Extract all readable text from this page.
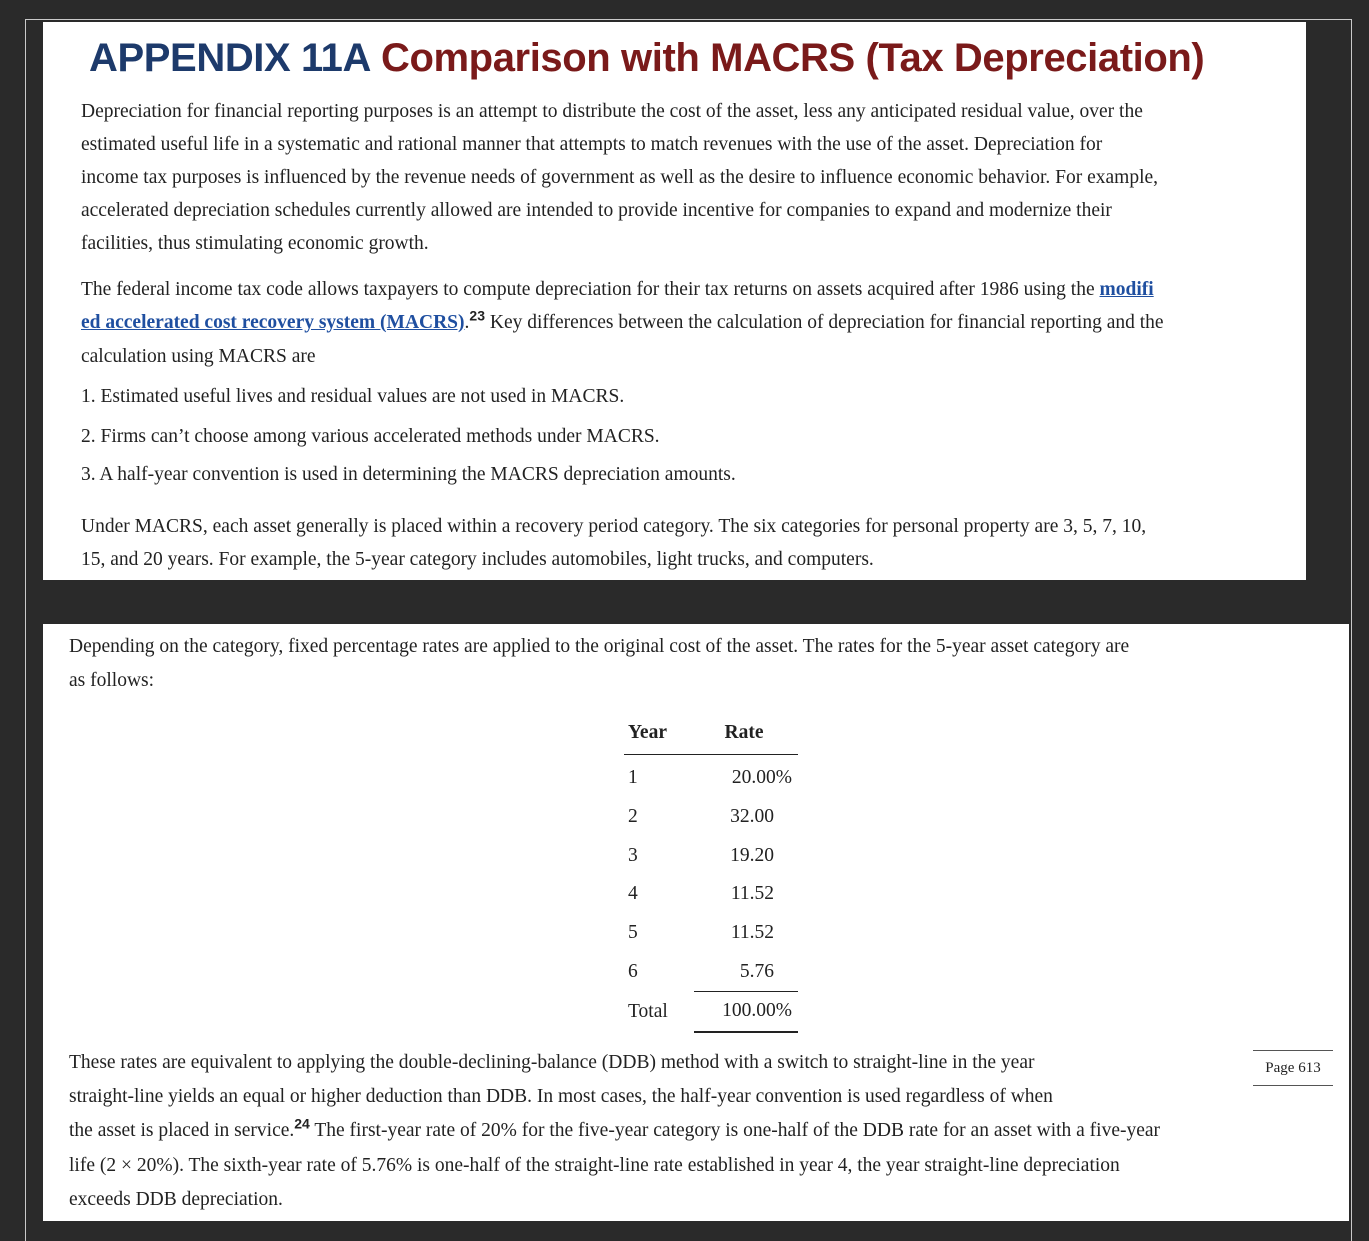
APPENDIX 11A Comparison with MACRS (Tax Depreciation)

Depreciation for financial reporting purposes is an attempt to distribute the cost of the asset, less any anticipated residual value, over the

estimated useful life in a systematic and rational manner that attempts to match revenues with the use of the asset. Depreciation for

income tax purposes is influenced by the revenue needs of government as well as the desire to influence economic behavior. For example,

accelerated depreciation schedules currently allowed are intended to provide incentive for companies to expand and modernize their

facilities, thus stimulating economic growth.

The federal income tax code allows taxpayers to compute depreciation for their tax returns on assets acquired after 1986 using the modifi

ed accelerated cost recovery system (MACRS).$^{23}$ Key differences between the calculation of depreciation for financial reporting and the

calculation using MACRS are

1. Estimated useful lives and residual values are not used in MACRS.
2. Firms can’t choose among various accelerated methods under MACRS.
3. A half-year convention is used in determining the MACRS depreciation amounts.

Under MACRS, each asset generally is placed within a recovery period category. The six categories for personal property are 3, 5, 7, 10,

15, and 20 years. For example, the 5-year category includes automobiles, light trucks, and computers.

Depending on the category, fixed percentage rates are applied to the original cost of the asset. The rates for the 5-year asset category are

as follows:

Year	Rate
1	20.00%
2	32.00
3	19.20
4	11.52
5	11.52
6	5.76
Total	100.00%
Page 613

These rates are equivalent to applying the double-declining-balance (DDB) method with a switch to straight-line in the year

straight-line yields an equal or higher deduction than DDB. In most cases, the half-year convention is used regardless of when

the asset is placed in service.$^{24}$ The first-year rate of 20% for the five-year category is one-half of the DDB rate for an asset with a five-year

life (2 × 20%). The sixth-year rate of 5.76% is one-half of the straight-line rate established in year 4, the year straight-line depreciation

exceeds DDB depreciation.
